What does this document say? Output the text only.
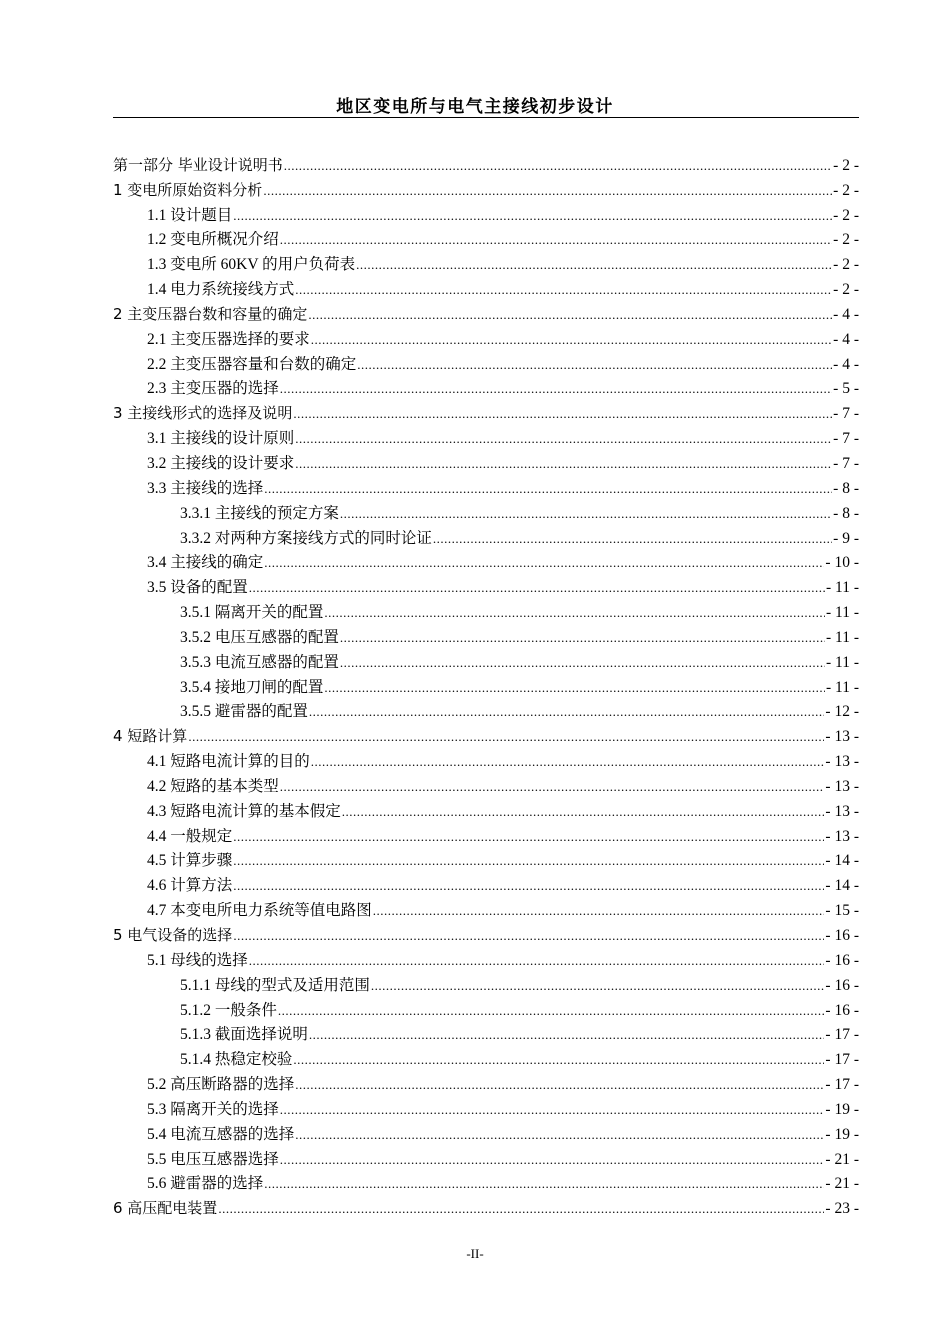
地区变电所与电气主接线初步设计
第一部分 毕业设计说明书 .....	- 2 -
1 变电所原始资料分析 .....	- 2 -
1.1 设计题目 .....	- 2 -
1.2 变电所概况介绍 .....	- 2 -
1.3 变电所 60KV 的用户负荷表 .....	- 2 -
1.4 电力系统接线方式 .....	- 2 -
2 主变压器台数和容量的确定 .....	- 4 -
2.1 主变压器选择的要求 .....	- 4 -
2.2 主变压器容量和台数的确定 .....	- 4 -
2.3 主变压器的选择 .....	- 5 -
3 主接线形式的选择及说明 .....	- 7 -
3.1 主接线的设计原则 .....	- 7 -
3.2 主接线的设计要求 .....	- 7 -
3.3 主接线的选择 .....	- 8 -
3.3.1 主接线的预定方案 .....	- 8 -
3.3.2 对两种方案接线方式的同时论证 .....	- 9 -
3.4 主接线的确定 .....	- 10 -
3.5 设备的配置 .....	- 11 -
3.5.1 隔离开关的配置 .....	- 11 -
3.5.2 电压互感器的配置 .....	- 11 -
3.5.3 电流互感器的配置 .....	- 11 -
3.5.4 接地刀闸的配置 .....	- 11 -
3.5.5 避雷器的配置 .....	- 12 -
4 短路计算 .....	- 13 -
4.1 短路电流计算的目的 .....	- 13 -
4.2 短路的基本类型 .....	- 13 -
4.3 短路电流计算的基本假定 .....	- 13 -
4.4 一般规定 .....	- 13 -
4.5 计算步骤 .....	- 14 -
4.6 计算方法 .....	- 14 -
4.7 本变电所电力系统等值电路图 .....	- 15 -
5 电气设备的选择 .....	- 16 -
5.1 母线的选择 .....	- 16 -
5.1.1 母线的型式及适用范围 .....	- 16 -
5.1.2 一般条件 .....	- 16 -
5.1.3 截面选择说明 .....	- 17 -
5.1.4 热稳定校验 .....	- 17 -
5.2 高压断路器的选择 .....	- 17 -
5.3 隔离开关的选择 .....	- 19 -
5.4 电流互感器的选择 .....	- 19 -
5.5 电压互感器选择 .....	- 21 -
5.6 避雷器的选择 .....	- 21 -
6 高压配电装置 .....	- 23 -
-II-
